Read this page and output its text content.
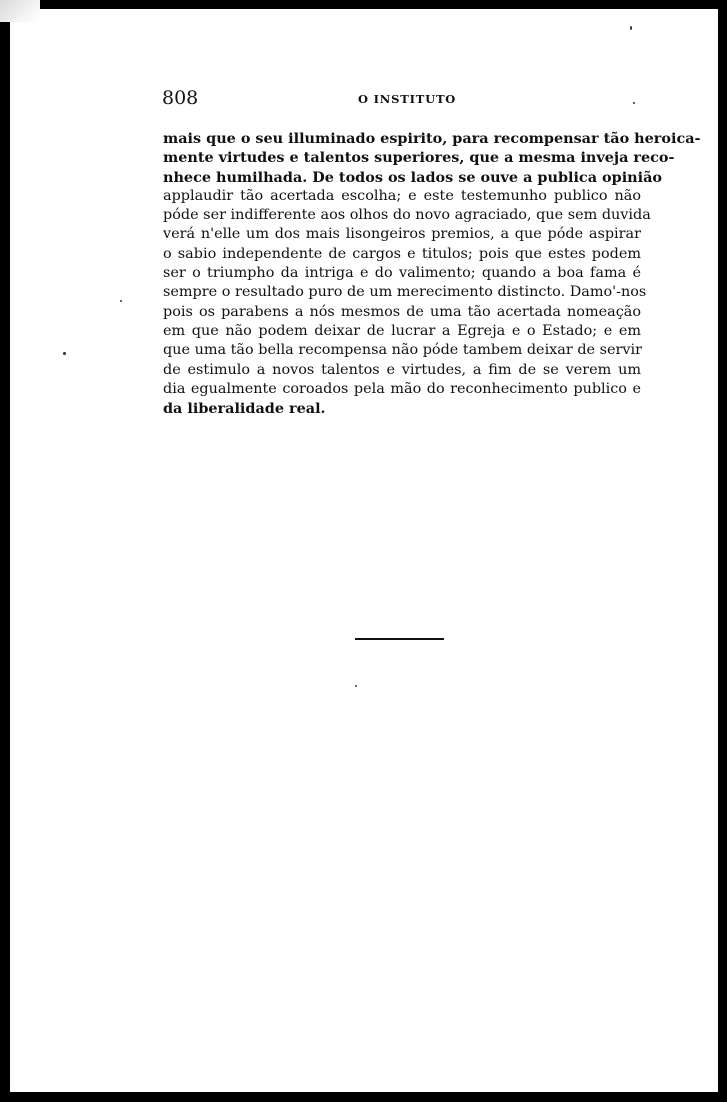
808	O INSTITUTO
mais que o seu illuminado espirito, para recompensar tão heroica-
mente virtudes e talentos superiores, que a mesma inveja reco-
nhece humilhada. De todos os lados se ouve a publica opinião
applaudir tão acertada escolha; e este testemunho publico não
póde ser indifferente aos olhos do novo agraciado, que sem duvida
verá n'elle um dos mais lisongeiros premios, a que póde aspirar
o sabio independente de cargos e titulos; pois que estes podem
ser o triumpho da intriga e do valimento; quando a boa fama é
sempre o resultado puro de um merecimento distincto. Damo'-nos
pois os parabens a nós mesmos de uma tão acertada nomeação
em que não podem deixar de lucrar a Egreja e o Estado; e em
que uma tão bella recompensa não póde tambem deixar de servir
de estimulo a novos talentos e virtudes, a fim de se verem um
dia egualmente coroados pela mão do reconhecimento publico e
da liberalidade real.
